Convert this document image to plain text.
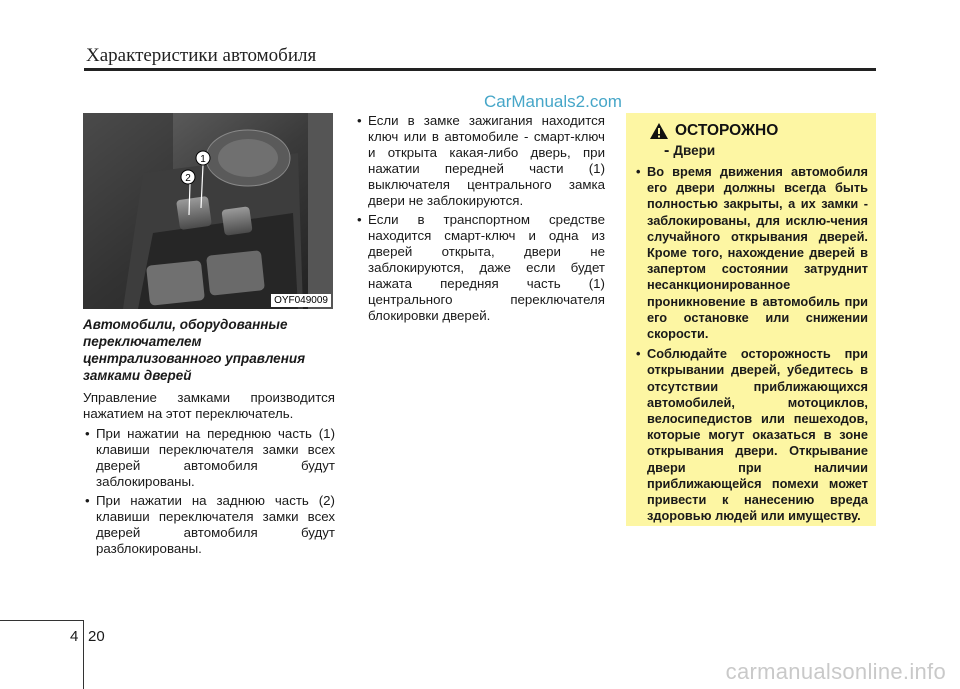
Характеристики автомобиля
CarManuals2.com
1
2
OYF049009

Автомобили, оборудованные переключателем централизованного управления замками дверей

Управление замками производится нажатием на этот переключатель.

• При нажатии на переднюю часть (1) клавиши переключателя замки всех дверей автомобиля будут заблокированы.
• При нажатии на заднюю часть (2) клавиши переключателя замки всех дверей автомобиля будут разблокированы.
• Если в замке зажигания находится ключ или в автомобиле - смарт-ключ и открыта какая-либо дверь, при нажатии передней части (1) выключателя центрального замка двери не заблокируются.
• Если в транспортном средстве находится смарт-ключ и одна из дверей открыта, двери не заблокируются, даже если будет нажата передняя часть (1) центрального переключателя блокировки дверей.
ОСТОРОЖНО
- Двери
• Во время движения автомобиля его двери должны всегда быть полностью закрыты, а их замки - заблокированы, для исклю-чения случайного открывания дверей. Кроме того, нахождение дверей в запертом состоянии затруднит несанкционированное проникновение в автомобиль при его остановке или снижении скорости.
• Соблюдайте осторожность при открывании дверей, убедитесь в отсутствии приближающихся автомобилей, мотоциклов, велосипедистов или пешеходов, которые могут оказаться в зоне открывания двери. Открывание двери при наличии приближающейся помехи может привести к нанесению вреда здоровью людей или имуществу.
4 20
carmanualsonline.info
